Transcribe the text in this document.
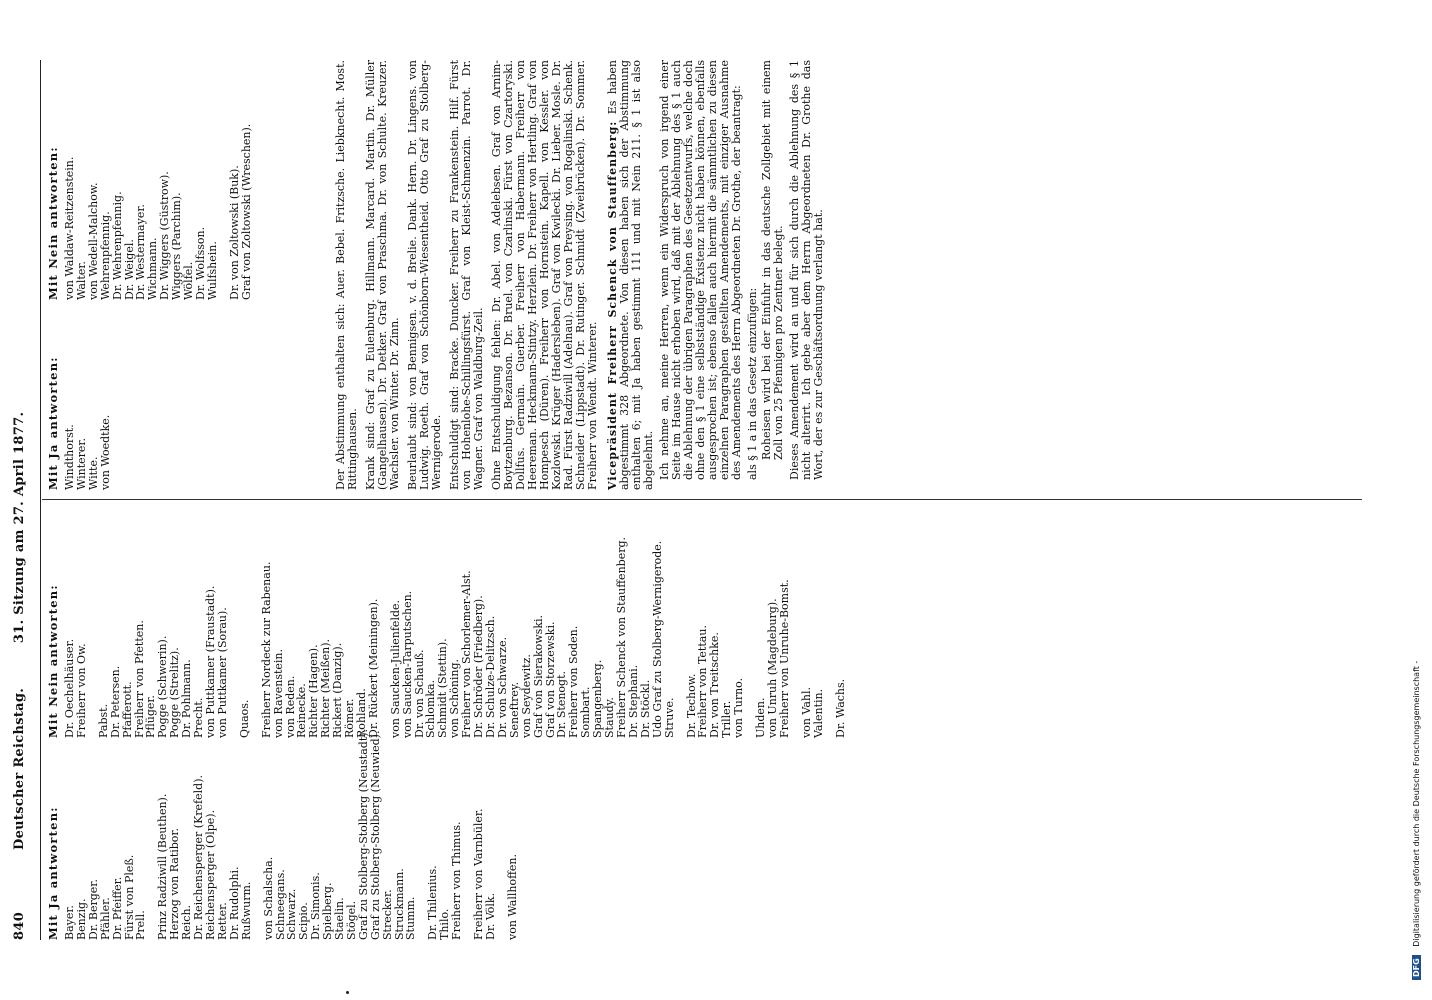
840
Deutscher Reichstag. 31. Sitzung am 27. April 1877.
Mit Ja antworten: Bayer.
Benzig.
Dr. Berger.
Pfähler.
Dr. Pfeiffer.
Fürst von Pleß.
Prell. Prinz Radziwill (Beuthen).
Herzog von Ratibor.
Reich.
Dr. Reichensperger (Krefeld).
Reichensperger (Olpe).
Retter.
Dr. Rudolphi.
Rußwurm. von Schalscha.
Schneegans.
Schwarz.
Scipio.
Dr. Simonis.
Spielberg.
Staelin.
Stögel.
Graf zu Stolberg-Stolberg (Neustadt).
Graf zu Stolberg-Stolberg (Neuwied).
Strecker.
Struckmann.
Stumm. Dr. Thilenius.
Thilo.
Freiherr von Thimus. Freiherr von Varnbüler.
Dr. Völk. von Wallhoffen.
Mit Nein antworten: Dr. Oechelhäuser.
Freiherr von Ow. Pabst.
Dr. Petersen.
Pfafferott.
Freiherr von Pfetten.
Pflüger.
Pogge (Schwerin).
Pogge (Strelitz).
Dr. Pohlmann.
Precht.
von Puttkamer (Fraustadt).
von Puttkamer (Sorau). Quaos. Freiherr Nordeck zur Rabenau.
von Ravenstein.
von Reden.
Reinecke.
Richter (Hagen).
Richter (Meißen).
Rickert (Danzig).
Römer.
Rohland.
Dr. Rückert (Meiningen). von Saucken-Julienfelde.
von Saucken-Tarputschen.
Dr. von Schauß.
Schlomka.
Schmidt (Stettin).
von Schöning.
Freiherr von Schorlemer-Alst.
Dr. Schröder (Friedberg).
Dr. Schulze-Delitzsch.
Dr. von Schwarze.
Seneftrey.
von Seydewitz.
Graf von Sierakowski.
Graf von Storzewski.
Dr. Stenogt.
Freiherr von Soden.
Sombart.
Spangenberg.
Staudy.
Freiherr Schenck von Stauffenberg.
Dr. Stephani.
Dr. Stöckl.
Udo Graf zu Stolberg-Wernigerode.
Struve. Dr. Techow.
Freiherr von Tettau.
Dr. von Treitschke.
Triller.
von Turno. Uhden.
von Unruh (Magdeburg).
Freiherr von Unruhe-Bomst. von Vahl.
Valentin. Dr. Wachs.
Mit Ja antworten: Windthorst.
Winterer.
Witte.
von Woedtke.
Mit Nein antworten: von Waldaw-Reitzenstein.
Walter.
von Wedell-Malchow.
Wehrenpfennig.
Dr. Wehrenpfennig.
Dr. Weigel.
Dr. Westermayer.
Wichmann.
Dr. Wiggers (Güstrow).
Wiggers (Parchim).
Wölfel.
Dr. Wolfsson.
Wulfshein. Dr. von Zoltowski (Buk).
Graf von Zoltowski (Wreschen).	Der Abstimmung enthalten sich: Auer. Bebel. Fritzsche. Liebknecht. Most. Rittinghausen. Krank sind: Graf zu Eulenburg. Hillmann. Marcard. Martin. Dr. Müller (Gangelhausen). Dr. Detker. Graf von Praschma. Dr. von Schulte. Kreuzer. Wachsler. von Winter. Dr. Zinn. Beurlaubt sind: von Bennigsen. v. d. Brelie. Dank. Hern. Dr. Lingens. von Ludwig. Roeth. Graf von Schönborn-Wiesentheid. Otto Graf zu Stolberg-Wernigerode. Entschuldigt sind: Bracke. Duncker. Freiherr zu Frankenstein. Hilf. Fürst von Hohenlohe-Schillingsfürst. Graf von Kleist-Schmenzin. Parrot. Dr. Wagner. Graf von Waldburg-Zeil. Ohne Entschuldigung fehlen: Dr. Abel. von Adelebsen. Graf von Arnim-Boytzenburg. Bezanson. Dr. Bruel. von Czarlinski. Fürst von Czartoryski. Dollfus. Germain. Guerber. Freiherr von Habermann. Freiherr von Heereman. Heckmann-Stintzy. Herzlein. Dr. Freiherr von Hertling. Graf von Hompesch (Düren). Freiherr von Hornstein. Kapell. von Kessler. von Kozlowski. Krüger (Hadersleben). Graf von Kwilecki. Dr. Lieber. Mosle. Dr. Rad. Fürst Radziwill (Adelnau). Graf von Preysing. von Rogalinski. Schenk. Schneider (Lippstadt). Dr. Rutinger. Schmidt (Zweibrücken). Dr. Sommer. Freiherr von Wendt. Winterer. Vicepräsident Freiherr Schenck von Stauffenberg: Es haben abgestimmt 328 Abgeordnete. Von diesen haben sich der Abstimmung enthalten 6; mit Ja haben gestimmt 111 und mit Nein 211. § 1 ist also abgelehnt. Ich nehme an, meine Herren, wenn ein Widerspruch von irgend einer Seite im Hause nicht erhoben wird, daß mit der Ablehnung des § 1 auch die Ablehnung der übrigen Paragraphen des Gesetzentwurfs, welche doch ohne den § 1 eine selbstständige Existenz nicht haben können, ebenfalls ausgesprochen ist; ebenso fallen auch hiermit die sämmtlichen zu diesen einzelnen Paragraphen gestellten Amendements, mit einziger Ausnahme des Amendements des Herrn Abgeordneten Dr. Grothe, der beantragt: als § 1 a in das Gesetz einzufügen: Roheisen wird bei der Einfuhr in das deutsche Zollgebiet mit einem Zoll von 25 Pfennigen pro Zentner belegt. Dieses Amendement wird an und für sich durch die Ablehnung des § 1 nicht alterirt. Ich gebe aber dem Herrn Abgeordneten Dr. Grothe das Wort, der es zur Geschäftsordnung verlangt hat.

DFG Digitalisierung gefördert durch die Deutsche Forschungsgemeinschaft -
